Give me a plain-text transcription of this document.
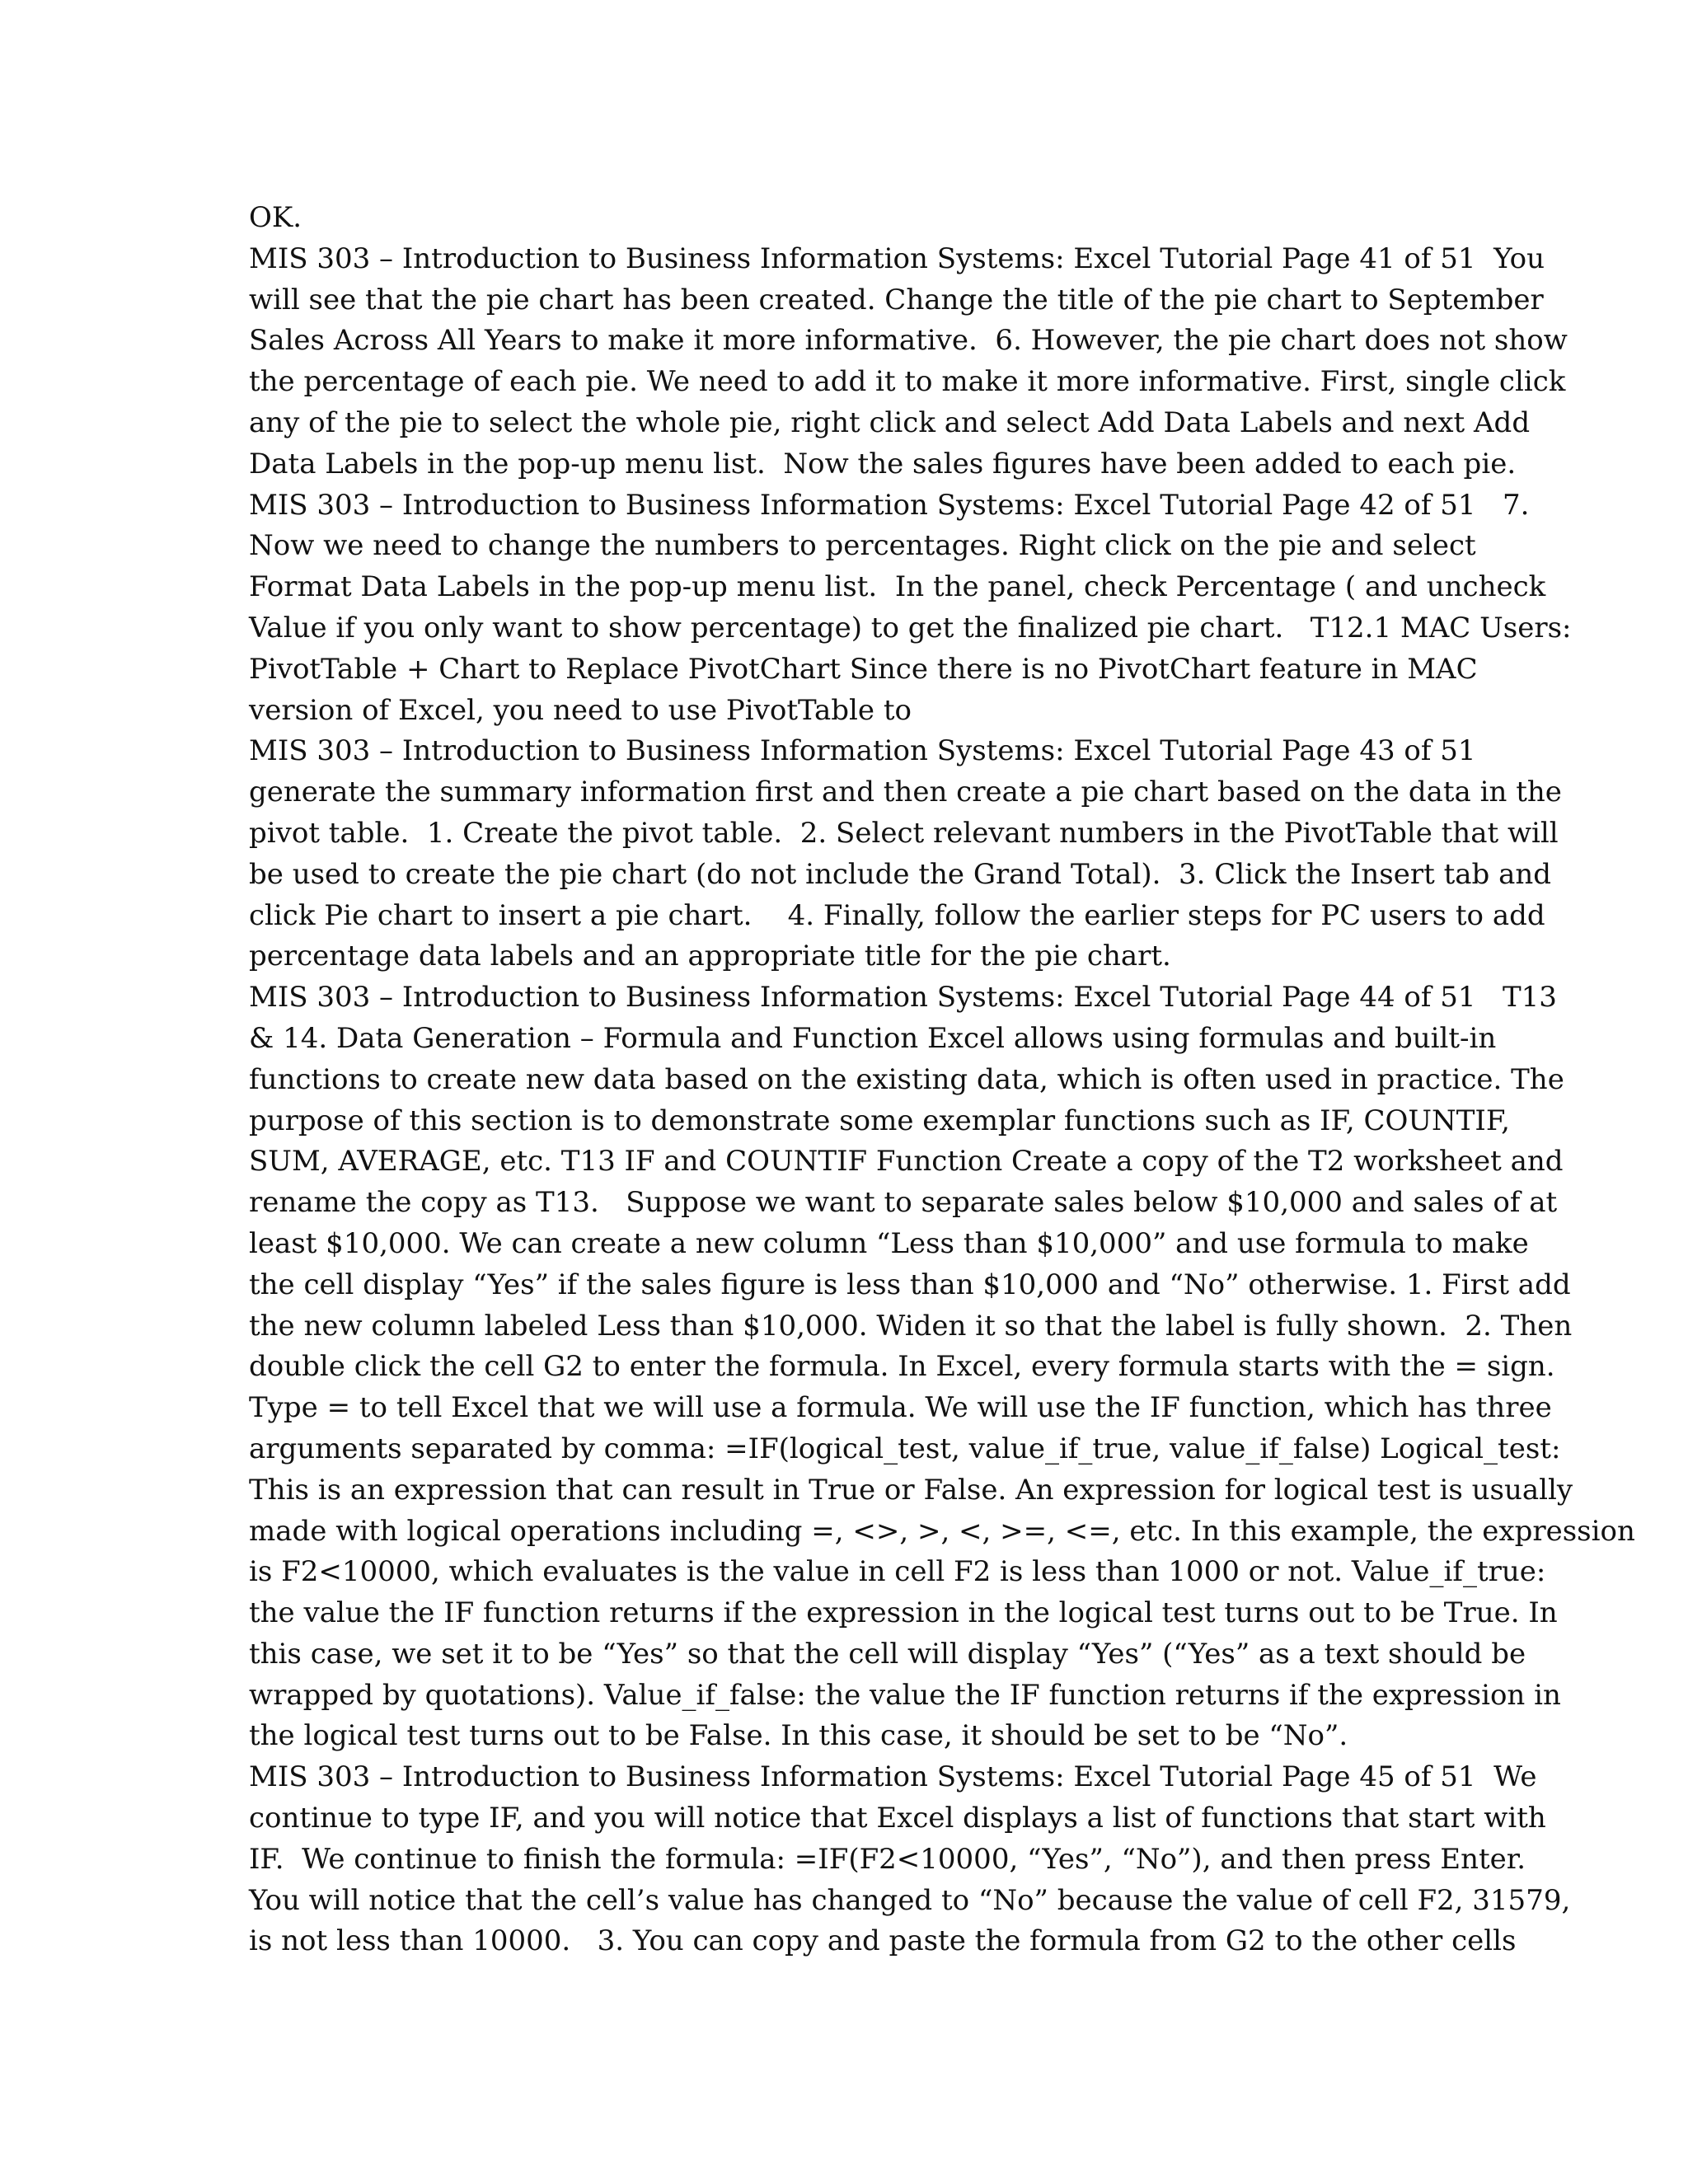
OK.
MIS 303 – Introduction to Business Information Systems: Excel Tutorial Page 41 of 51  You
will see that the pie chart has been created. Change the title of the pie chart to September
Sales Across All Years to make it more informative.  6. However, the pie chart does not show
the percentage of each pie. We need to add it to make it more informative. First, single click
any of the pie to select the whole pie, right click and select Add Data Labels and next Add
Data Labels in the pop-up menu list.  Now the sales figures have been added to each pie.
MIS 303 – Introduction to Business Information Systems: Excel Tutorial Page 42 of 51   7.
Now we need to change the numbers to percentages. Right click on the pie and select
Format Data Labels in the pop-up menu list.  In the panel, check Percentage ( and uncheck
Value if you only want to show percentage) to get the finalized pie chart.   T12.1 MAC Users:
PivotTable + Chart to Replace PivotChart Since there is no PivotChart feature in MAC
version of Excel, you need to use PivotTable to
MIS 303 – Introduction to Business Information Systems: Excel Tutorial Page 43 of 51
generate the summary information first and then create a pie chart based on the data in the
pivot table.  1. Create the pivot table.  2. Select relevant numbers in the PivotTable that will
be used to create the pie chart (do not include the Grand Total).  3. Click the Insert tab and
click Pie chart to insert a pie chart.    4. Finally, follow the earlier steps for PC users to add
percentage data labels and an appropriate title for the pie chart.
MIS 303 – Introduction to Business Information Systems: Excel Tutorial Page 44 of 51   T13
& 14. Data Generation – Formula and Function Excel allows using formulas and built-in
functions to create new data based on the existing data, which is often used in practice. The
purpose of this section is to demonstrate some exemplar functions such as IF, COUNTIF,
SUM, AVERAGE, etc. T13 IF and COUNTIF Function Create a copy of the T2 worksheet and
rename the copy as T13.   Suppose we want to separate sales below $10,000 and sales of at
least $10,000. We can create a new column “Less than $10,000” and use formula to make
the cell display “Yes” if the sales figure is less than $10,000 and “No” otherwise. 1. First add
the new column labeled Less than $10,000. Widen it so that the label is fully shown.  2. Then
double click the cell G2 to enter the formula. In Excel, every formula starts with the = sign.
Type = to tell Excel that we will use a formula. We will use the IF function, which has three
arguments separated by comma: =IF(logical_test, value_if_true, value_if_false) Logical_test:
This is an expression that can result in True or False. An expression for logical test is usually
made with logical operations including =, <>, >, <, >=, <=, etc. In this example, the expression
is F2<10000, which evaluates is the value in cell F2 is less than 1000 or not. Value_if_true:
the value the IF function returns if the expression in the logical test turns out to be True. In
this case, we set it to be “Yes” so that the cell will display “Yes” (“Yes” as a text should be
wrapped by quotations). Value_if_false: the value the IF function returns if the expression in
the logical test turns out to be False. In this case, it should be set to be “No”.
MIS 303 – Introduction to Business Information Systems: Excel Tutorial Page 45 of 51  We
continue to type IF, and you will notice that Excel displays a list of functions that start with
IF.  We continue to finish the formula: =IF(F2<10000, “Yes”, “No”), and then press Enter.
You will notice that the cell’s value has changed to “No” because the value of cell F2, 31579,
is not less than 10000.   3. You can copy and paste the formula from G2 to the other cells
